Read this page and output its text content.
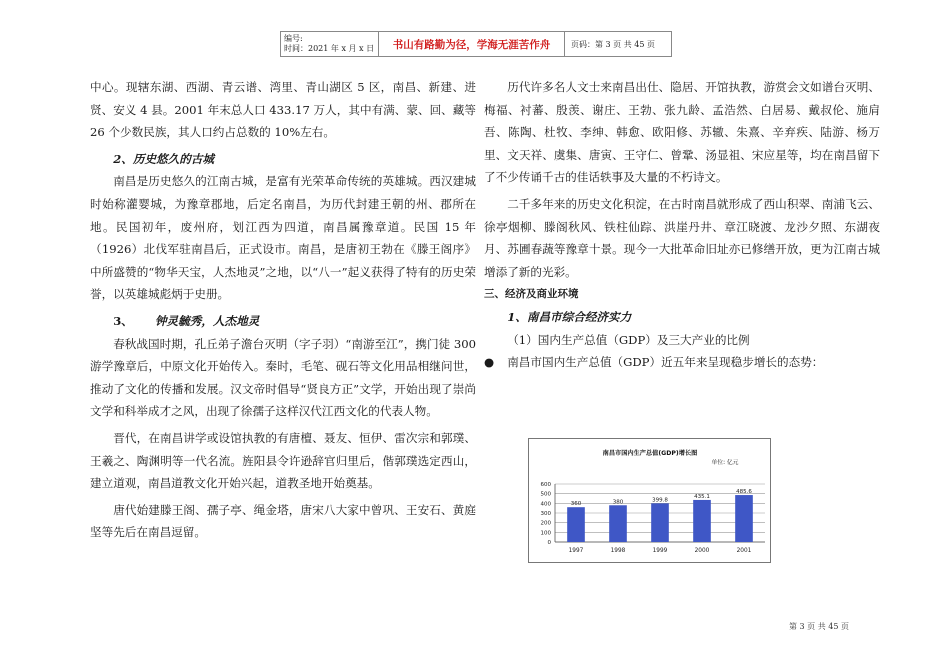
编号:
时间：2021 年 x 月 x 日	书山有路勤为径，学海无涯苦作舟	页码：第 3 页 共 45 页

中心。现辖东湖、西湖、青云谱、湾里、青山湖区 5 区，南昌、新建、进贤、安义 4 县。2001 年末总人口 433.17 万人，其中有满、蒙、回、藏等 26 个少数民族，其人口约占总数的 10%左右。

2、历史悠久的古城

南昌是历史悠久的江南古城，是富有光荣革命传统的英雄城。西汉建城时始称灌婴城，为豫章郡地，后定名南昌，为历代封建王朝的州、郡所在地。民国初年，废州府，划江西为四道，南昌属豫章道。民国 15 年（1926）北伐军驻南昌后，正式设市。南昌，是唐初王勃在《滕王阁序》中所盛赞的“物华天宝，人杰地灵”之地，以“八一”起义获得了特有的历史荣誉，以英雄城彪炳于史册。

3、 钟灵毓秀，人杰地灵

春秋战国时期，孔丘弟子澹台灭明（字子羽）“南游至江”，携门徒 300 游学豫章后，中原文化开始传入。秦时，毛笔、砚石等文化用品相继问世，推动了文化的传播和发展。汉文帝时倡导“贤良方正”文学，开始出现了崇尚文学和科举成才之风，出现了徐孺子这样汉代江西文化的代表人物。

晋代，在南昌讲学或设馆执教的有唐檀、聂友、恒伊、雷次宗和郭璞、王羲之、陶渊明等一代名流。旌阳县令许逊辞官归里后，偕郭璞选定西山，建立道观，南昌道教文化开始兴起，道教圣地开始奠基。

唐代始建滕王阁、孺子亭、绳金塔，唐宋八大家中曾巩、王安石、黄庭坚等先后在南昌逗留。

历代许多名人文士来南昌出仕、隐居、开馆执教，游赏会文如谱台灭明、梅福、衬蕃、殷羡、谢庄、王勃、张九龄、孟浩然、白居易、戴叔伦、施肩吾、陈陶、杜牧、李绅、韩愈、欧阳修、苏辙、朱熹、辛弃疾、陆游、杨万里、文天祥、虞集、唐寅、王守仁、曾鞏、汤显祖、宋应星等，均在南昌留下了不少传诵千古的佳话轶事及大量的不朽诗文。

二千多年来的历史文化积淀，在古时南昌就形成了西山积翠、南浦飞云、徐亭烟柳、滕阁秋风、铁柱仙踪、洪崖丹井、章江晓渡、龙沙夕照、东湖夜月、苏圃春蔬等豫章十景。现今一大批革命旧址亦已修缮开放，更为江南古城增添了新的光彩。

三、经济及商业环境

1、南昌市综合经济实力

（1）国内生产总值（GDP）及三大产业的比例

●	南昌市国内生产总值（GDP）近五年来呈现稳步增长的态势：
南昌市国内生产总值(GDP)增长图
单位: 亿元
0
100
200
300
400
500
600
360
1997
380
1998
399.8
1999
435.1
2000
485.6
2001
第 3 页 共 45 页
